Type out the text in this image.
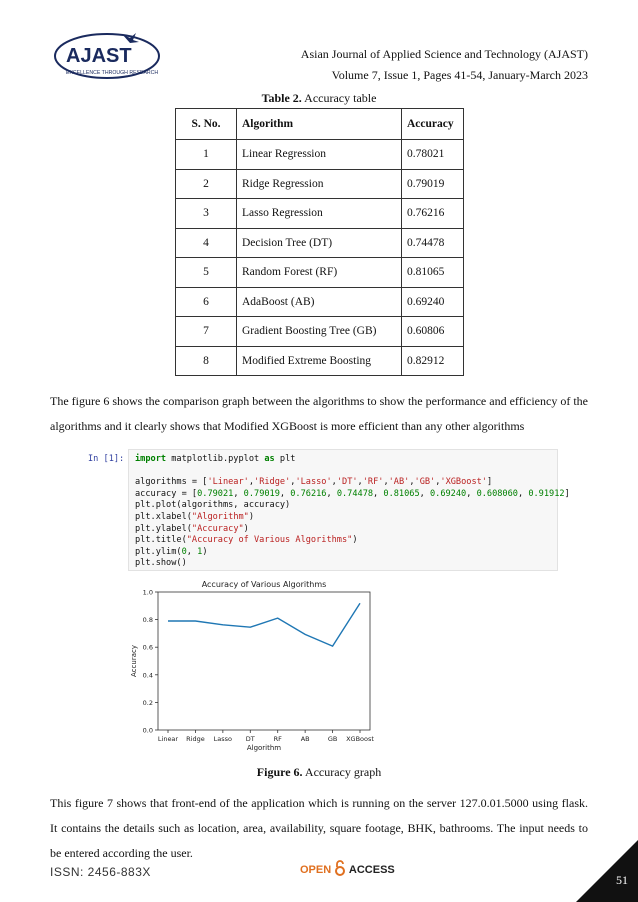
AJAST
EXCELLENCE THROUGH RESEARCH
Asian Journal of Applied Science and Technology (AJAST)
Volume 7, Issue 1, Pages 41-54, January-March 2023
Table 2. Accuracy table
S. No.	Algorithm	Accuracy
1	Linear Regression	0.78021
2	Ridge Regression	0.79019
3	Lasso Regression	0.76216
4	Decision Tree (DT)	0.74478
5	Random Forest (RF)	0.81065
6	AdaBoost (AB)	0.69240
7	Gradient Boosting Tree (GB)	0.60806
8	Modified Extreme Boosting	0.82912
The figure 6 shows the comparison graph between the algorithms to show the performance and efficiency of the algorithms and it clearly shows that Modified XGBoost is more efficient than any other algorithms
In [1]: import matplotlib.pyplot as plt

algorithms = ['Linear','Ridge','Lasso','DT','RF','AB','GB','XGBoost']
accuracy = [0.79021, 0.79019, 0.76216, 0.74478, 0.81065, 0.69240, 0.608060, 0.91912]
plt.plot(algorithms, accuracy)
plt.xlabel("Algorithm")
plt.ylabel("Accuracy")
plt.title("Accuracy of Various Algorithms")
plt.ylim(0, 1)
plt.show()
Accuracy of Various Algorithms
0.0
0.2
0.4
0.6
0.8
1.0
Linear Ridge Lasso DT	RF	AB	GB XGBoost
Algorithm
Accuracy
Figure 6. Accuracy graph
This figure 7 shows that front-end of the application which is running on the server 127.0.01.5000 using flask. It contains the details such as location, area, availability, square footage, BHK, bathrooms. The input needs to be entered according the user.
ISSN: 2456-883X	OPEN ACCESS
51
